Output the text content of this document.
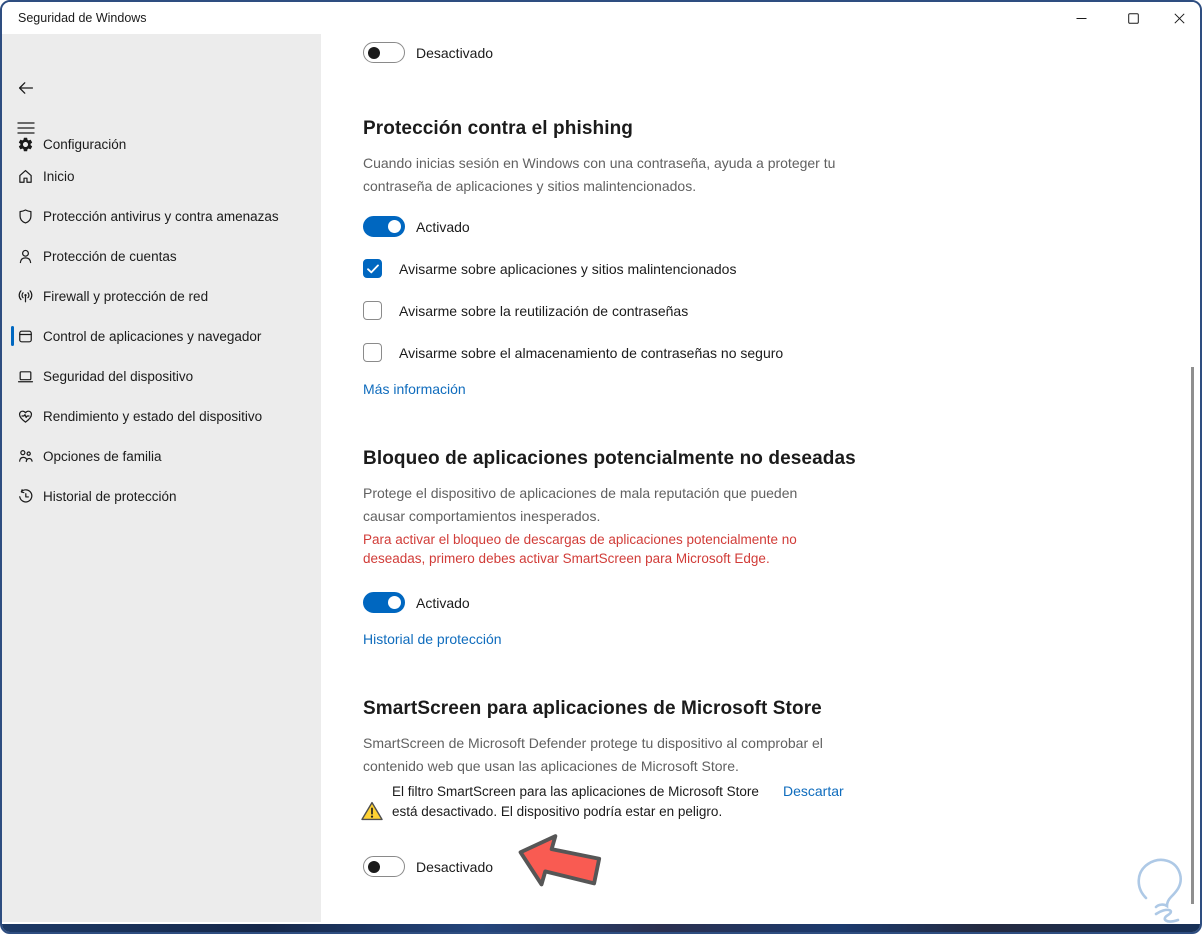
Seguridad de Windows
Inicio
Protección antivirus y contra amenazas
Protección de cuentas
Firewall y protección de red
Control de aplicaciones y navegador
Seguridad del dispositivo
Rendimiento y estado del dispositivo
Opciones de familia
Historial de protección
Configuración
Desactivado
Protección contra el phishing
Cuando inicias sesión en Windows con una contraseña, ayuda a proteger tu contraseña de aplicaciones y sitios malintencionados.
Activado
Avisarme sobre aplicaciones y sitios malintencionados
Avisarme sobre la reutilización de contraseñas
Avisarme sobre el almacenamiento de contraseñas no seguro
Más información
Bloqueo de aplicaciones potencialmente no deseadas
Protege el dispositivo de aplicaciones de mala reputación que pueden causar comportamientos inesperados.
Para activar el bloqueo de descargas de aplicaciones potencialmente no deseadas, primero debes activar SmartScreen para Microsoft Edge.
Activado
Historial de protección
SmartScreen para aplicaciones de Microsoft Store
SmartScreen de Microsoft Defender protege tu dispositivo al comprobar el contenido web que usan las aplicaciones de Microsoft Store.
El filtro SmartScreen para las aplicaciones de Microsoft Store está desactivado. El dispositivo podría estar en peligro.
Descartar
Desactivado
